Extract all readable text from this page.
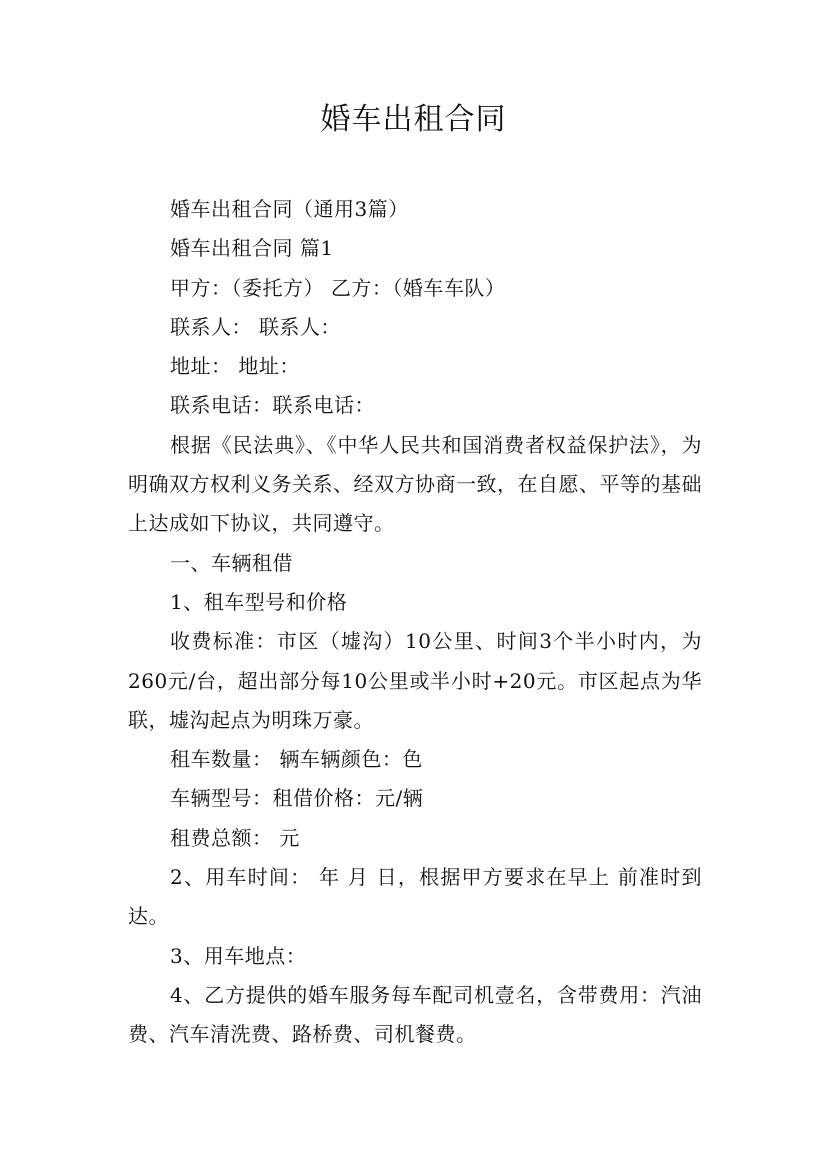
婚车出租合同

婚车出租合同（通用3篇）

婚车出租合同 篇1

甲方：（委托方） 乙方：（婚车车队）

联系人： 联系人：

地址： 地址：

联系电话：联系电话：

根据《民法典》、《中华人民共和国消费者权益保护法》，为明确双方权利义务关系、经双方协商一致，在自愿、平等的基础上达成如下协议，共同遵守。

一、车辆租借

1、租车型号和价格

收费标准：市区（墟沟）10公里、时间3个半小时内，为260元/台，超出部分每10公里或半小时+20元。市区起点为华联，墟沟起点为明珠万豪。

租车数量： 辆车辆颜色：色

车辆型号：租借价格：元/辆

租费总额： 元

2、用车时间： 年 月 日，根据甲方要求在早上 前准时到达。

3、用车地点：

4、乙方提供的婚车服务每车配司机壹名，含带费用：汽油费、汽车清洗费、路桥费、司机餐费。
